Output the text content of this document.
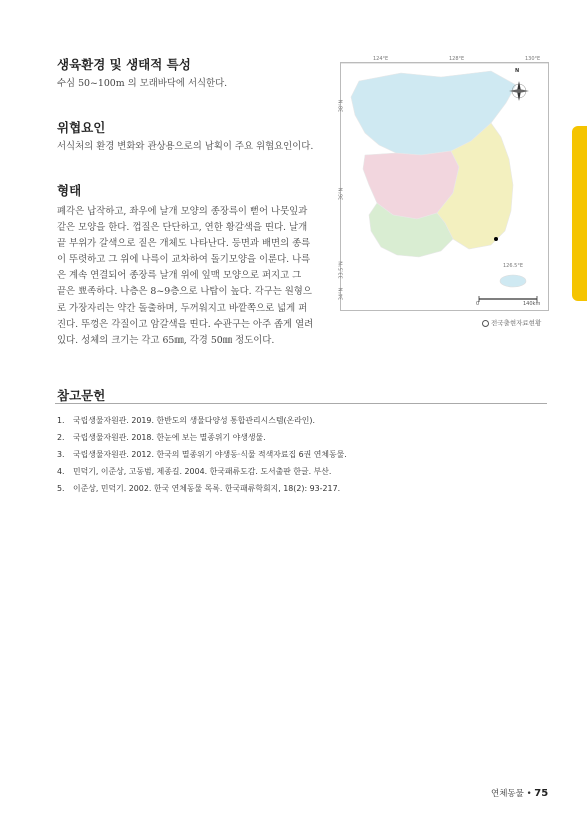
생육환경 및 생태적 특성
수심 50~100m 의 모래바닥에 서식한다.
위협요인
서식처의 환경 변화와 관상용으로의 남획이 주요 위협요인이다.
형태
폐각은 납작하고, 좌우에 날개 모양의 종장륵이 뻗어 나뭇잎과
같은 모양을 한다. 껍질은 단단하고, 연한 황갈색을 띤다. 날개
끝 부위가 갈색으로 짙은 개체도 나타난다. 등면과 배면의 종륵
이 뚜렷하고 그 위에 나륵이 교차하여 돌기모양을 이룬다. 나륵
은 계속 연결되어 종장륵 날개 위에 잎맥 모양으로 퍼지고 그
끝은 뾰족하다. 나층은 8~9층으로 나탑이 높다. 각구는 원형으
로 가장자리는 약간 돌출하며, 두꺼워지고 바깥쪽으로 넓게 퍼
진다. 뚜껑은 각질이고 암갈색을 띤다. 수관구는 아주 좁게 열려
있다. 성체의 크기는 각고 65㎜, 각경 50㎜ 정도이다.
124°E	128°E	130°E
38°N
36°N
33.5°N
34°N
126.5°E
N
0	140km
전국출현자료현황
참고문헌
1.	국립생물자원관. 2019. 한반도의 생물다양성 통합관리시스템(온라인).
2.	국립생물자원관. 2018. 한눈에 보는 멸종위기 야생생물.
3.	국립생물자원관. 2012. 한국의 멸종위기 야생동·식물 적색자료집 6권 연체동물.
4.	민덕기, 이준상, 고동범, 제종길. 2004. 한국패류도감. 도서출판 한글. 부산.
5.	이준상, 민덕기. 2002. 한국 연체동물 목록. 한국패류학회지, 18(2): 93-217.
연체동물 • 75
